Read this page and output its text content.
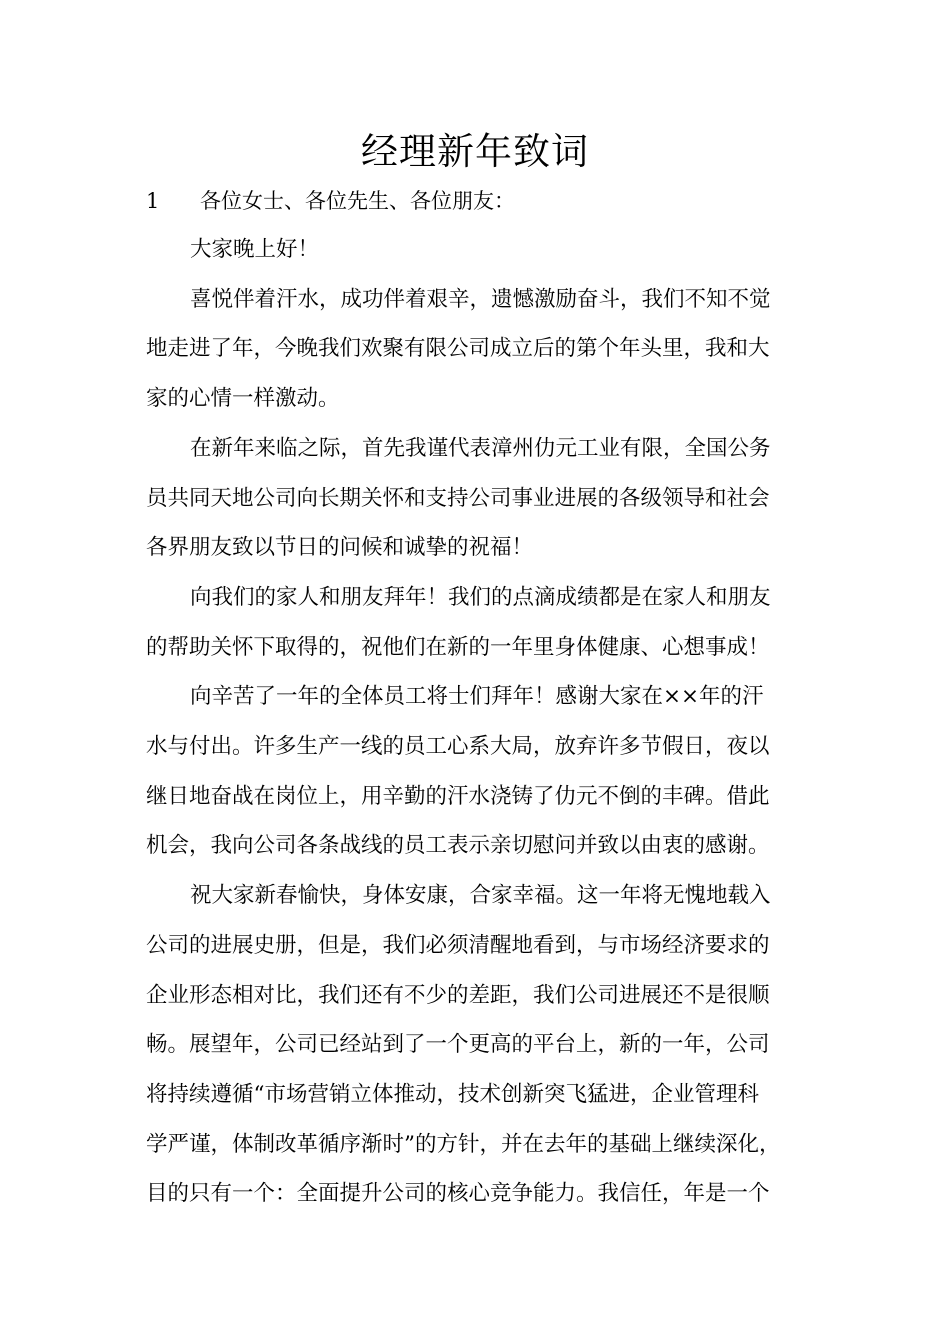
经理新年致词
1 各位女士、各位先生、各位朋友：
大家晚上好！
喜悦伴着汗水，成功伴着艰辛，遗憾激励奋斗，我们不知不觉
地走进了年，今晚我们欢聚有限公司成立后的第个年头里，我和大
家的心情一样激动。
在新年来临之际，首先我谨代表漳州仂元工业有限，全国公务
员共同天地公司向长期关怀和支持公司事业进展的各级领导和社会
各界朋友致以节日的问候和诚挚的祝福！
向我们的家人和朋友拜年！我们的点滴成绩都是在家人和朋友
的帮助关怀下取得的，祝他们在新的一年里身体健康、心想事成！
向辛苦了一年的全体员工将士们拜年！感谢大家在××年的汗
水与付出。许多生产一线的员工心系大局，放弃许多节假日，夜以
继日地奋战在岗位上，用辛勤的汗水浇铸了仂元不倒的丰碑。借此
机会，我向公司各条战线的员工表示亲切慰问并致以由衷的感谢。
祝大家新春愉快，身体安康，合家幸福。这一年将无愧地载入
公司的进展史册，但是，我们必须清醒地看到，与市场经济要求的
企业形态相对比，我们还有不少的差距，我们公司进展还不是很顺
畅。展望年，公司已经站到了一个更高的平台上，新的一年，公司
将持续遵循“市场营销立体推动，技术创新突飞猛进，企业管理科
学严谨，体制改革循序渐时”的方针，并在去年的基础上继续深化，
目的只有一个：全面提升公司的核心竞争能力。我信任，年是一个
